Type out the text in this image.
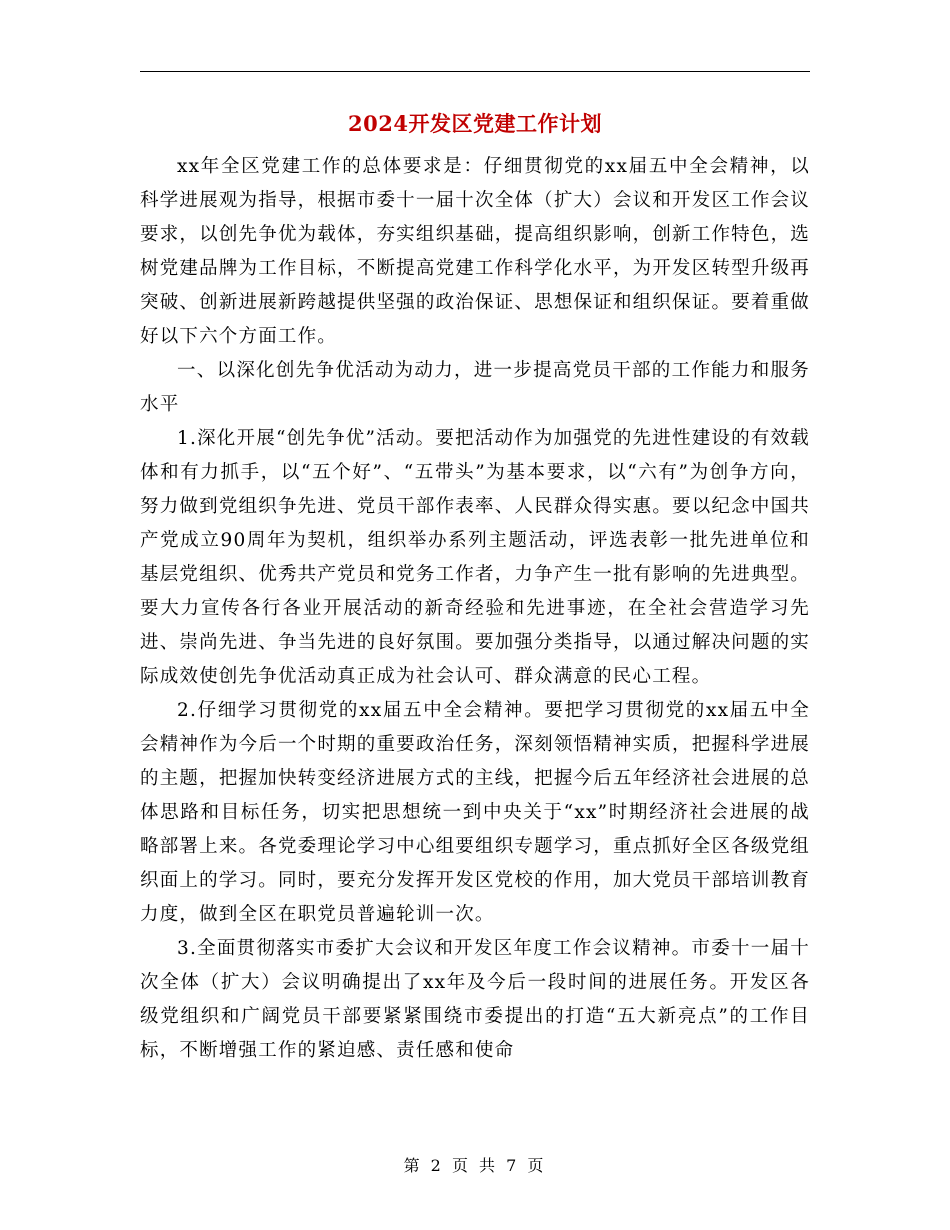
2024开发区党建工作计划

xx年全区党建工作的总体要求是：仔细贯彻党的xx届五中全会精神，以科学进展观为指导，根据市委十一届十次全体（扩大）会议和开发区工作会议要求，以创先争优为载体，夯实组织基础，提高组织影响，创新工作特色，选树党建品牌为工作目标，不断提高党建工作科学化水平，为开发区转型升级再突破、创新进展新跨越提供坚强的政治保证、思想保证和组织保证。要着重做好以下六个方面工作。

一、以深化创先争优活动为动力，进一步提高党员干部的工作能力和服务水平

1.深化开展“创先争优”活动。要把活动作为加强党的先进性建设的有效载体和有力抓手，以“五个好”、“五带头”为基本要求，以“六有”为创争方向，努力做到党组织争先进、党员干部作表率、人民群众得实惠。要以纪念中国共产党成立90周年为契机，组织举办系列主题活动，评选表彰一批先进单位和基层党组织、优秀共产党员和党务工作者，力争产生一批有影响的先进典型。要大力宣传各行各业开展活动的新奇经验和先进事迹，在全社会营造学习先进、崇尚先进、争当先进的良好氛围。要加强分类指导，以通过解决问题的实际成效使创先争优活动真正成为社会认可、群众满意的民心工程。

2.仔细学习贯彻党的xx届五中全会精神。要把学习贯彻党的xx届五中全会精神作为今后一个时期的重要政治任务，深刻领悟精神实质，把握科学进展的主题，把握加快转变经济进展方式的主线，把握今后五年经济社会进展的总体思路和目标任务，切实把思想统一到中央关于“xx”时期经济社会进展的战略部署上来。各党委理论学习中心组要组织专题学习，重点抓好全区各级党组织面上的学习。同时，要充分发挥开发区党校的作用，加大党员干部培训教育力度，做到全区在职党员普遍轮训一次。

3.全面贯彻落实市委扩大会议和开发区年度工作会议精神。市委十一届十次全体（扩大）会议明确提出了xx年及今后一段时间的进展任务。开发区各级党组织和广阔党员干部要紧紧围绕市委提出的打造“五大新亮点”的工作目标，不断增强工作的紧迫感、责任感和使命

第 2 页 共 7 页
